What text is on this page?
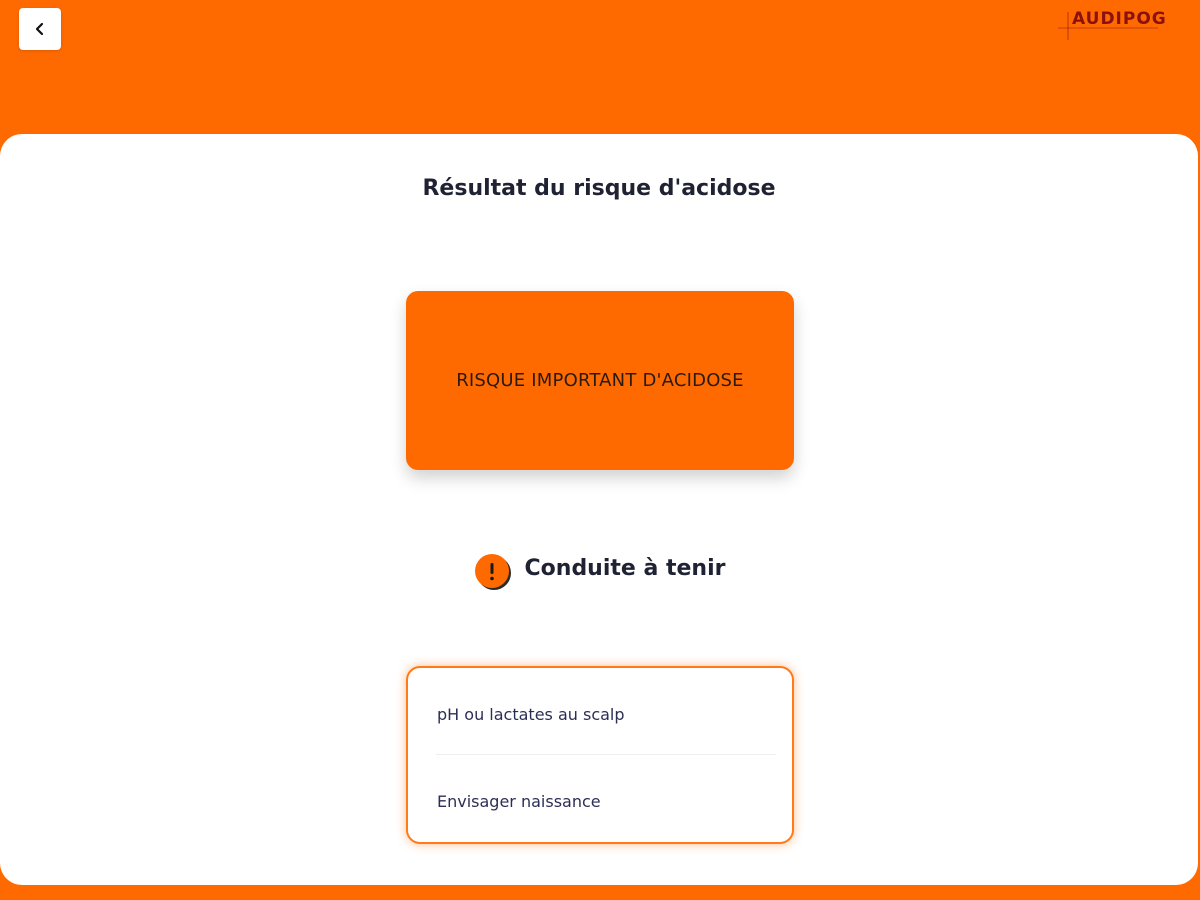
AUDIPOG
Résultat du risque d'acidose
RISQUE IMPORTANT D'ACIDOSE
Conduite à tenir
pH ou lactates au scalp
Envisager naissance
